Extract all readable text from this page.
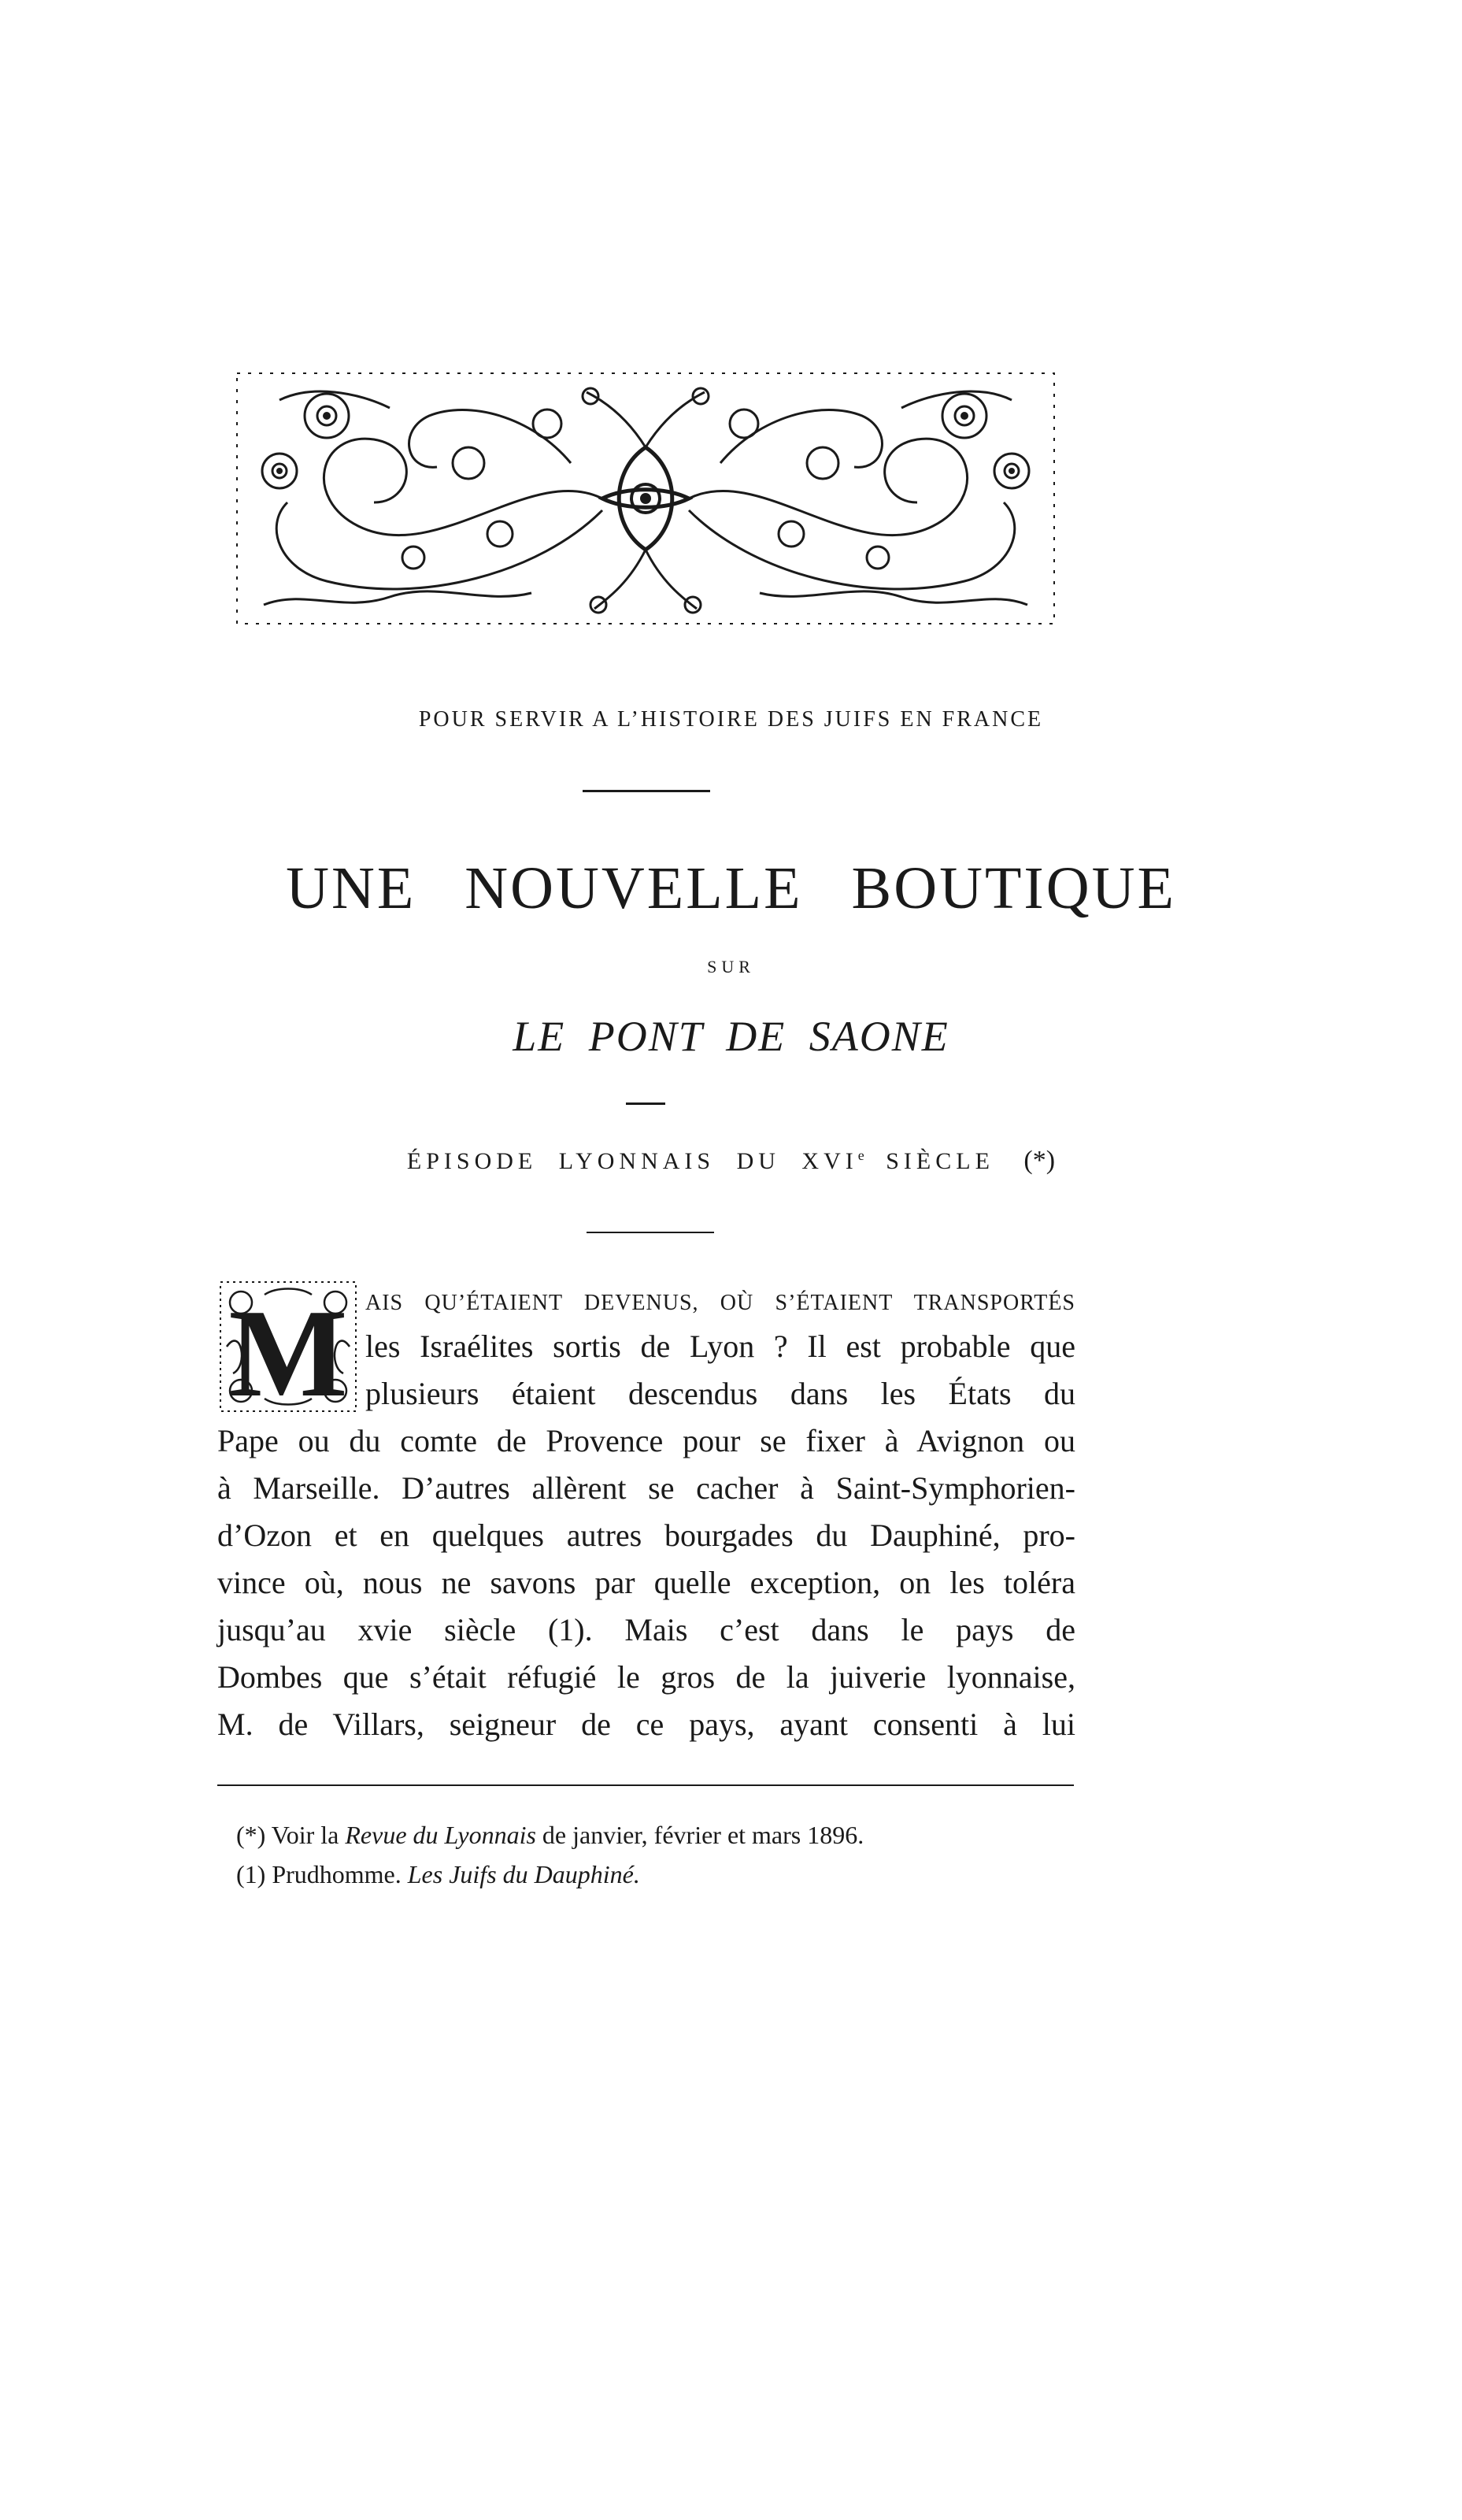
POUR SERVIR A L’HISTOIRE DES JUIFS EN FRANCE
UNE NOUVELLE BOUTIQUE
SUR
LE PONT DE SAONE
ÉPISODE LYONNAIS DU XVIe SIÈCLE (*)
M AIS QU’ÉTAIENT DEVENUS, OÙ S’ÉTAIENT TRANSPORTÉS
les Israélites sortis de Lyon ? Il est probable que
plusieurs étaient descendus dans les États du
Pape ou du comte de Provence pour se fixer à Avignon ou
à Marseille. D’autres allèrent se cacher à Saint-Symphorien-
d’Ozon et en quelques autres bourgades du Dauphiné, pro-
vince où, nous ne savons par quelle exception, on les toléra
jusqu’au xvie siècle (1). Mais c’est dans le pays de
Dombes que s’était réfugié le gros de la juiverie lyonnaise,
M. de Villars, seigneur de ce pays, ayant consenti à lui
(*) Voir la Revue du Lyonnais de janvier, février et mars 1896.
(1) Prudhomme. Les Juifs du Dauphiné.
